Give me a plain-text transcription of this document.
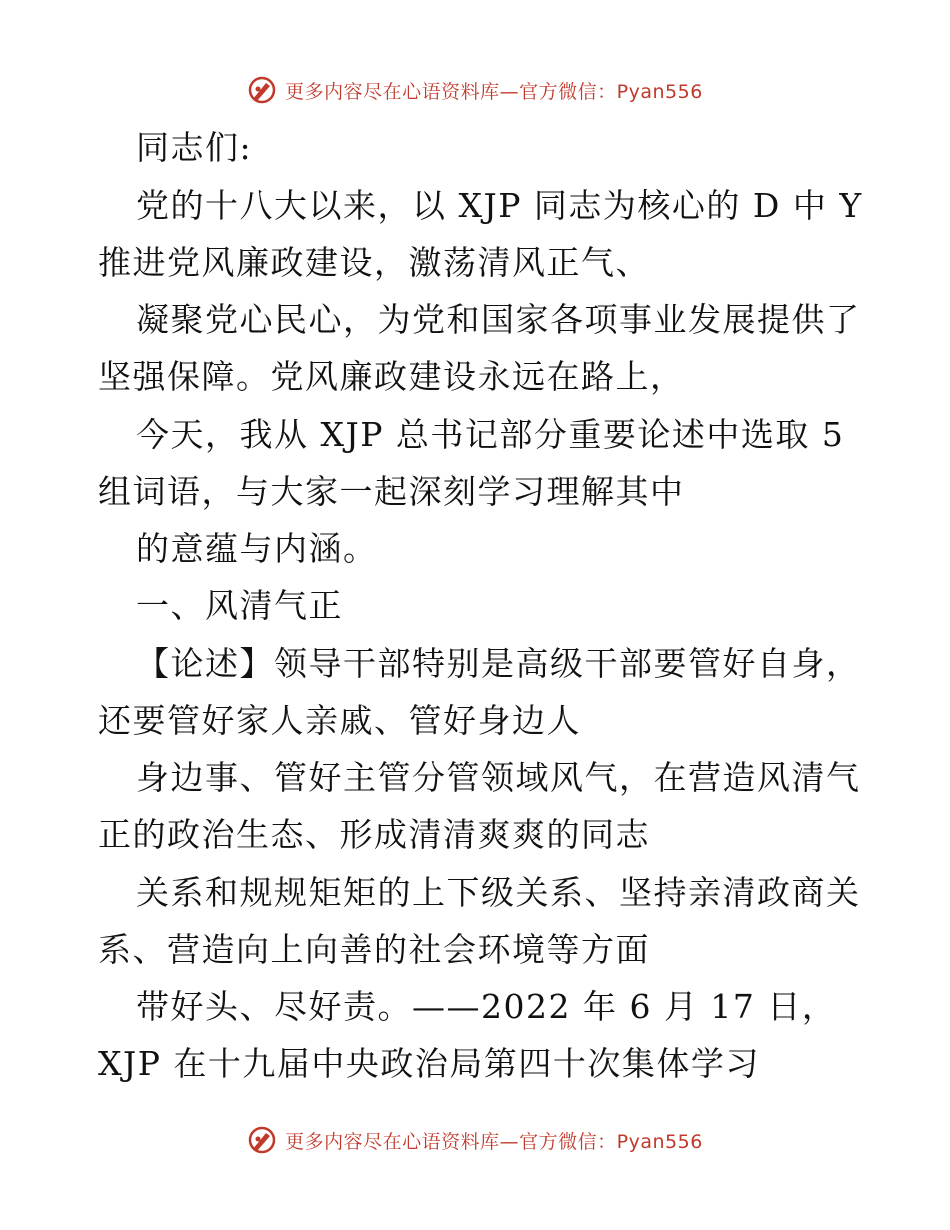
更多内容尽在心语资料库—官方微信：Pyan556
同志们:
党的十八大以来，以 XJP 同志为核心的 D 中 Y
推进党风廉政建设，激荡清风正气、
凝聚党心民心，为党和国家各项事业发展提供了
坚强保障。党风廉政建设永远在路上，
今天，我从 XJP 总书记部分重要论述中选取 5
组词语，与大家一起深刻学习理解其中
的意蕴与内涵。
一、风清气正
【论述】领导干部特别是高级干部要管好自身，
还要管好家人亲戚、管好身边人
身边事、管好主管分管领域风气，在营造风清气
正的政治生态、形成清清爽爽的同志
关系和规规矩矩的上下级关系、坚持亲清政商关
系、营造向上向善的社会环境等方面
带好头、尽好责。——2022 年 6 月 17 日，
XJP 在十九届中央政治局第四十次集体学习
更多内容尽在心语资料库—官方微信：Pyan556
